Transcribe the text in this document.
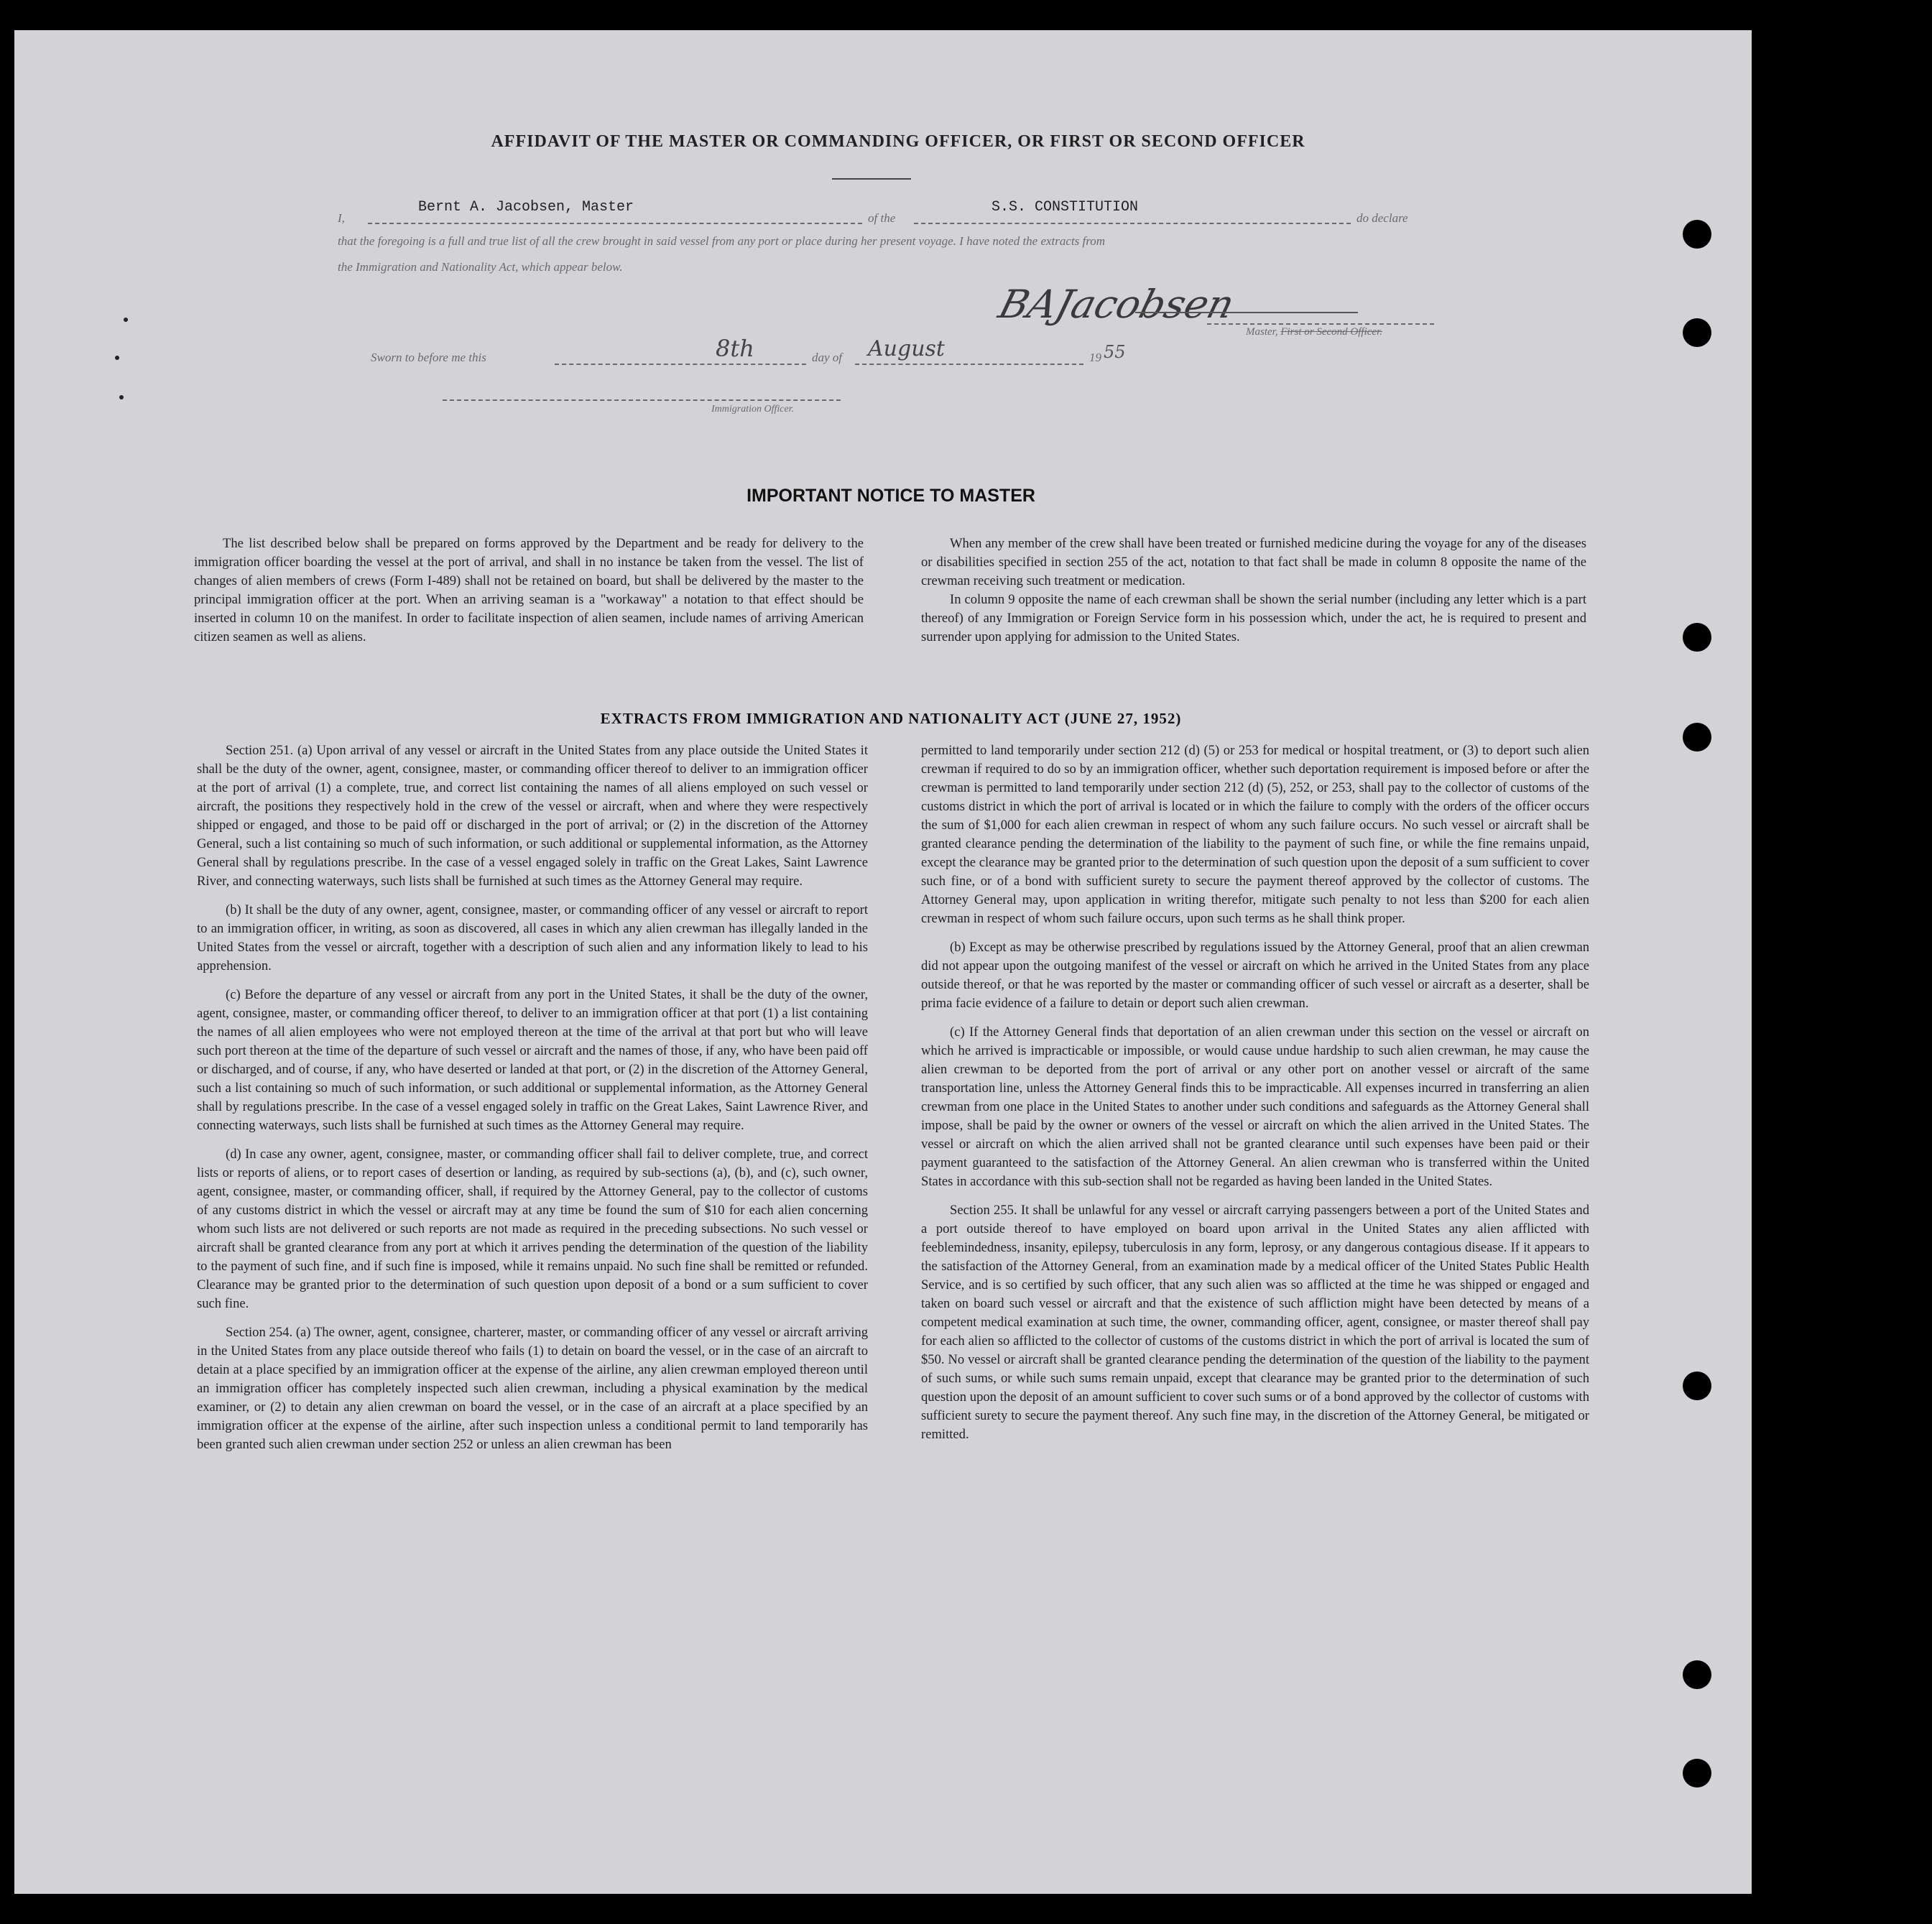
AFFIDAVIT OF THE MASTER OR COMMANDING OFFICER, OR FIRST OR SECOND OFFICER
I,
Bernt A. Jacobsen, Master
of the
S.S. CONSTITUTION
do declare
that the foregoing is a full and true list of all the crew brought in said vessel from any port or place during her present voyage. I have noted the extracts from
the Immigration and Nationality Act, which appear below.
BAJacobsen
Master, First or Second Officer.
Sworn to before me this	8th	day of August	19 55
Immigration Officer.
IMPORTANT NOTICE TO MASTER

The list described below shall be prepared on forms approved by the Department and be ready for delivery to the immigration officer boarding the vessel at the port of arrival, and shall in no instance be taken from the vessel. The list of changes of alien members of crews (Form I-489) shall not be retained on board, but shall be delivered by the master to the principal immigration officer at the port. When an arriving seaman is a "workaway" a notation to that effect should be inserted in column 10 on the manifest. In order to facilitate inspection of alien seamen, include names of arriving American citizen seamen as well as aliens.

When any member of the crew shall have been treated or furnished medicine during the voyage for any of the diseases or disabilities specified in section 255 of the act, notation to that fact shall be made in column 8 opposite the name of the crewman receiving such treatment or medication.

In column 9 opposite the name of each crewman shall be shown the serial number (including any letter which is a part thereof) of any Immigration or Foreign Service form in his possession which, under the act, he is required to present and surrender upon applying for admission to the United States.

EXTRACTS FROM IMMIGRATION AND NATIONALITY ACT (JUNE 27, 1952)

Section 251. (a) Upon arrival of any vessel or aircraft in the United States from any place outside the United States it shall be the duty of the owner, agent, consignee, master, or commanding officer thereof to deliver to an immigration officer at the port of arrival (1) a complete, true, and correct list containing the names of all aliens employed on such vessel or aircraft, the positions they respectively hold in the crew of the vessel or aircraft, when and where they were respectively shipped or engaged, and those to be paid off or discharged in the port of arrival; or (2) in the discretion of the Attorney General, such a list containing so much of such information, or such additional or supplemental information, as the Attorney General shall by regulations prescribe. In the case of a vessel engaged solely in traffic on the Great Lakes, Saint Lawrence River, and connecting waterways, such lists shall be furnished at such times as the Attorney General may require.

(b) It shall be the duty of any owner, agent, consignee, master, or commanding officer of any vessel or aircraft to report to an immigration officer, in writing, as soon as discovered, all cases in which any alien crewman has illegally landed in the United States from the vessel or aircraft, together with a description of such alien and any information likely to lead to his apprehension.

(c) Before the departure of any vessel or aircraft from any port in the United States, it shall be the duty of the owner, agent, consignee, master, or commanding officer thereof, to deliver to an immigration officer at that port (1) a list containing the names of all alien employees who were not employed thereon at the time of the arrival at that port but who will leave such port thereon at the time of the departure of such vessel or aircraft and the names of those, if any, who have been paid off or discharged, and of course, if any, who have deserted or landed at that port, or (2) in the discretion of the Attorney General, such a list containing so much of such information, or such additional or supplemental information, as the Attorney General shall by regulations prescribe. In the case of a vessel engaged solely in traffic on the Great Lakes, Saint Lawrence River, and connecting waterways, such lists shall be furnished at such times as the Attorney General may require.

(d) In case any owner, agent, consignee, master, or commanding officer shall fail to deliver complete, true, and correct lists or reports of aliens, or to report cases of desertion or landing, as required by sub-sections (a), (b), and (c), such owner, agent, consignee, master, or commanding officer, shall, if required by the Attorney General, pay to the collector of customs of any customs district in which the vessel or aircraft may at any time be found the sum of $10 for each alien concerning whom such lists are not delivered or such reports are not made as required in the preceding subsections. No such vessel or aircraft shall be granted clearance from any port at which it arrives pending the determination of the question of the liability to the payment of such fine, and if such fine is imposed, while it remains unpaid. No such fine shall be remitted or refunded. Clearance may be granted prior to the determination of such question upon deposit of a bond or a sum sufficient to cover such fine.

Section 254. (a) The owner, agent, consignee, charterer, master, or commanding officer of any vessel or aircraft arriving in the United States from any place outside thereof who fails (1) to detain on board the vessel, or in the case of an aircraft to detain at a place specified by an immigration officer at the expense of the airline, any alien crewman employed thereon until an immigration officer has completely inspected such alien crewman, including a physical examination by the medical examiner, or (2) to detain any alien crewman on board the vessel, or in the case of an aircraft at a place specified by an immigration officer at the expense of the airline, after such inspection unless a conditional permit to land temporarily has been granted such alien crewman under section 252 or unless an alien crewman has been

permitted to land temporarily under section 212 (d) (5) or 253 for medical or hospital treatment, or (3) to deport such alien crewman if required to do so by an immigration officer, whether such deportation requirement is imposed before or after the crewman is permitted to land temporarily under section 212 (d) (5), 252, or 253, shall pay to the collector of customs of the customs district in which the port of arrival is located or in which the failure to comply with the orders of the officer occurs the sum of $1,000 for each alien crewman in respect of whom any such failure occurs. No such vessel or aircraft shall be granted clearance pending the determination of the liability to the payment of such fine, or while the fine remains unpaid, except the clearance may be granted prior to the determination of such question upon the deposit of a sum sufficient to cover such fine, or of a bond with sufficient surety to secure the payment thereof approved by the collector of customs. The Attorney General may, upon application in writing therefor, mitigate such penalty to not less than $200 for each alien crewman in respect of whom such failure occurs, upon such terms as he shall think proper.

(b) Except as may be otherwise prescribed by regulations issued by the Attorney General, proof that an alien crewman did not appear upon the outgoing manifest of the vessel or aircraft on which he arrived in the United States from any place outside thereof, or that he was reported by the master or commanding officer of such vessel or aircraft as a deserter, shall be prima facie evidence of a failure to detain or deport such alien crewman.

(c) If the Attorney General finds that deportation of an alien crewman under this section on the vessel or aircraft on which he arrived is impracticable or impossible, or would cause undue hardship to such alien crewman, he may cause the alien crewman to be deported from the port of arrival or any other port on another vessel or aircraft of the same transportation line, unless the Attorney General finds this to be impracticable. All expenses incurred in transferring an alien crewman from one place in the United States to another under such conditions and safeguards as the Attorney General shall impose, shall be paid by the owner or owners of the vessel or aircraft on which the alien arrived in the United States. The vessel or aircraft on which the alien arrived shall not be granted clearance until such expenses have been paid or their payment guaranteed to the satisfaction of the Attorney General. An alien crewman who is transferred within the United States in accordance with this sub-section shall not be regarded as having been landed in the United States.

Section 255. It shall be unlawful for any vessel or aircraft carrying passengers between a port of the United States and a port outside thereof to have employed on board upon arrival in the United States any alien afflicted with feeblemindedness, insanity, epilepsy, tuberculosis in any form, leprosy, or any dangerous contagious disease. If it appears to the satisfaction of the Attorney General, from an examination made by a medical officer of the United States Public Health Service, and is so certified by such officer, that any such alien was so afflicted at the time he was shipped or engaged and taken on board such vessel or aircraft and that the existence of such affliction might have been detected by means of a competent medical examination at such time, the owner, commanding officer, agent, consignee, or master thereof shall pay for each alien so afflicted to the collector of customs of the customs district in which the port of arrival is located the sum of $50. No vessel or aircraft shall be granted clearance pending the determination of the question of the liability to the payment of such sums, or while such sums remain unpaid, except that clearance may be granted prior to the determination of such question upon the deposit of an amount sufficient to cover such sums or of a bond approved by the collector of customs with sufficient surety to secure the payment thereof. Any such fine may, in the discretion of the Attorney General, be mitigated or remitted.
